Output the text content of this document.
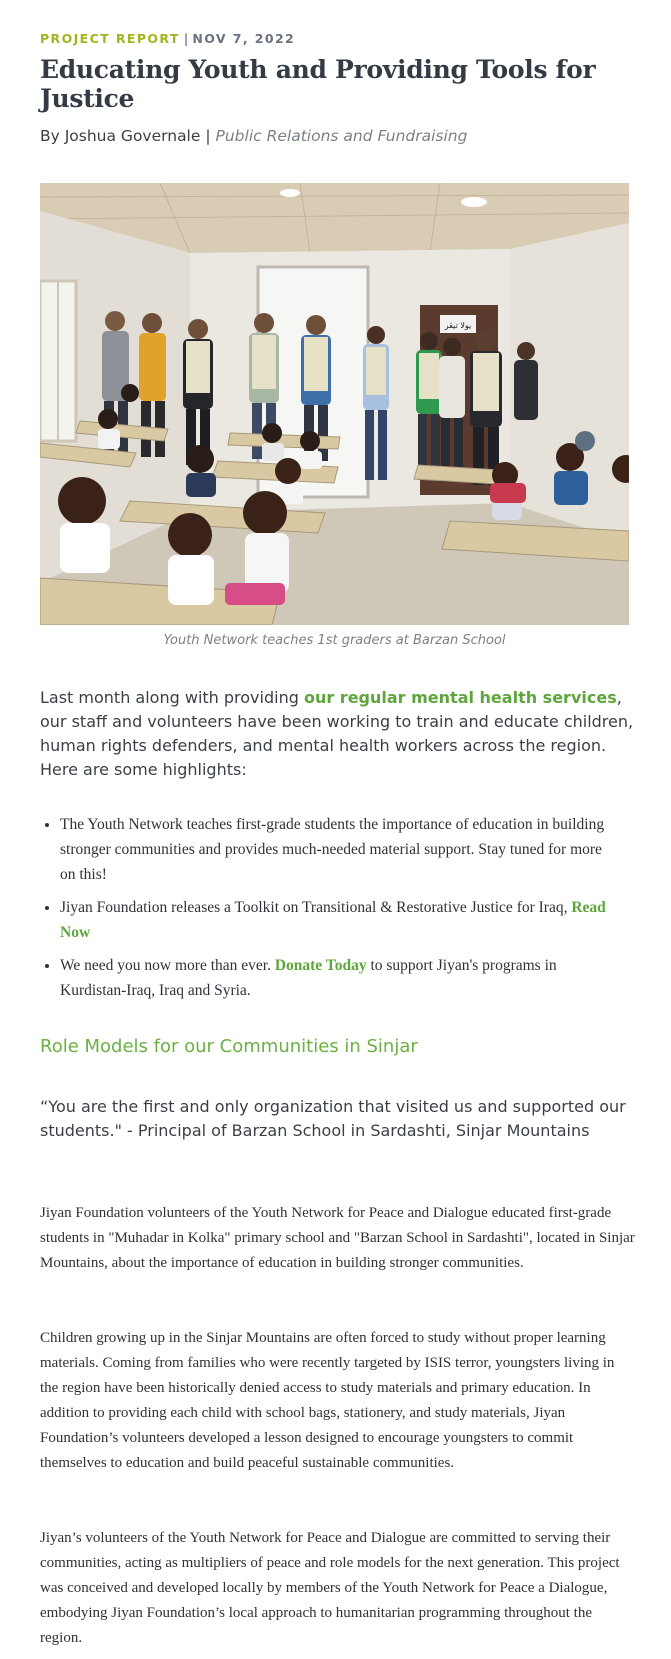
PROJECT REPORT | NOV 7, 2022
Educating Youth and Providing Tools for Justice
By Joshua Governale | Public Relations and Fundraising
يولا تيڤر
Youth Network teaches 1st graders at Barzan School

Last month along with providing our regular mental health services, our staff and volunteers have been working to train and educate children, human rights defenders, and mental health workers across the region. Here are some highlights:

• The Youth Network teaches first-grade students the importance of education in building stronger communities and provides much-needed material support. Stay tuned for more on this!
• Jiyan Foundation releases a Toolkit on Transitional & Restorative Justice for Iraq, Read Now
• We need you now more than ever. Donate Today to support Jiyan's programs in Kurdistan-Iraq, Iraq and Syria.
Role Models for our Communities in Sinjar

“You are the first and only organization that visited us and supported our students." - Principal of Barzan School in Sardashti, Sinjar Mountains

Jiyan Foundation volunteers of the Youth Network for Peace and Dialogue educated first-grade students in "Muhadar in Kolka" primary school and "Barzan School in Sardashti", located in Sinjar Mountains, about the importance of education in building stronger communities.

Children growing up in the Sinjar Mountains are often forced to study without proper learning materials. Coming from families who were recently targeted by ISIS terror, youngsters living in the region have been historically denied access to study materials and primary education. In addition to providing each child with school bags, stationery, and study materials, Jiyan Foundation’s volunteers developed a lesson designed to encourage youngsters to commit themselves to education and build peaceful sustainable communities.

Jiyan’s volunteers of the Youth Network for Peace and Dialogue are committed to serving their communities, acting as multipliers of peace and role models for the next generation. This project was conceived and developed locally by members of the Youth Network for Peace a Dialogue, embodying Jiyan Foundation’s local approach to humanitarian programming throughout the region.
